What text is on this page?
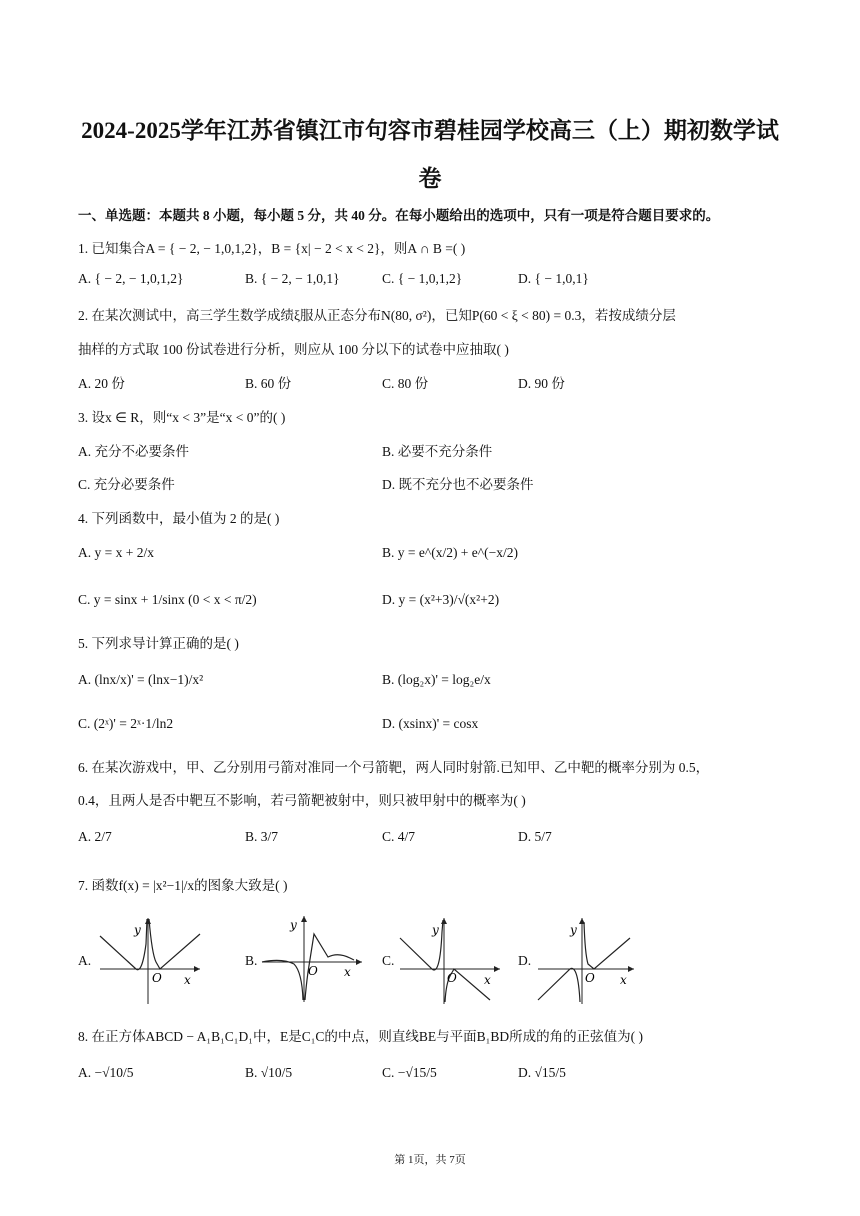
2024-2025学年江苏省镇江市句容市碧桂园学校高三（上）期初数学试
卷
一、单选题：本题共 8 小题，每小题 5 分，共 40 分。在每小题给出的选项中，只有一项是符合题目要求的。
1. 已知集合A = { − 2, − 1,0,1,2}，B = {x| − 2 < x < 2}，则A ∩ B =( )
A. { − 2, − 1,0,1,2}	B. { − 2, − 1,0,1}	C. { − 1,0,1,2}	D. { − 1,0,1}
2. 在某次测试中，高三学生数学成绩ξ服从正态分布N(80, σ²)，已知P(60 < ξ < 80) = 0.3，若按成绩分层
抽样的方式取 100 份试卷进行分析，则应从 100 分以下的试卷中应抽取( )
A. 20 份	B. 60 份	C. 80 份	D. 90 份
3. 设x ∈ R，则“x < 3”是“x < 0”的( )
A. 充分不必要条件	B. 必要不充分条件
C. 充分必要条件	D. 既不充分也不必要条件
4. 下列函数中，最小值为 2 的是( )
A. y = x + 2/x	B. y = e^(x/2) + e^(−x/2)
C. y = sinx + 1/sinx (0 < x < π/2)	D. y = (x²+3)/√(x²+2)
5. 下列求导计算正确的是( )
A. (lnx/x)' = (lnx−1)/x²	B. (log₂x)' = log₂e/x
C. (2ˣ)' = 2ˣ·1/ln2	D. (xsinx)' = cosx
6. 在某次游戏中，甲、乙分别用弓箭对准同一个弓箭靶，两人同时射箭.已知甲、乙中靶的概率分别为 0.5，
0.4，且两人是否中靶互不影响，若弓箭靶被射中，则只被甲射中的概率为( )
A. 2/7	B. 3/7	C. 4/7	D. 5/7
7. 函数f(x) = |x²−1|/x的图象大致是( )
A.
y
O x
B.
y
O x
C.
y
O x
D.
y
O x
8. 在正方体ABCD − A₁B₁C₁D₁中，E是C₁C的中点，则直线BE与平面B₁BD所成的角的正弦值为( )
A. −√10/5	B. √10/5	C. −√15/5	D. √15/5
第 1页，共 7页
